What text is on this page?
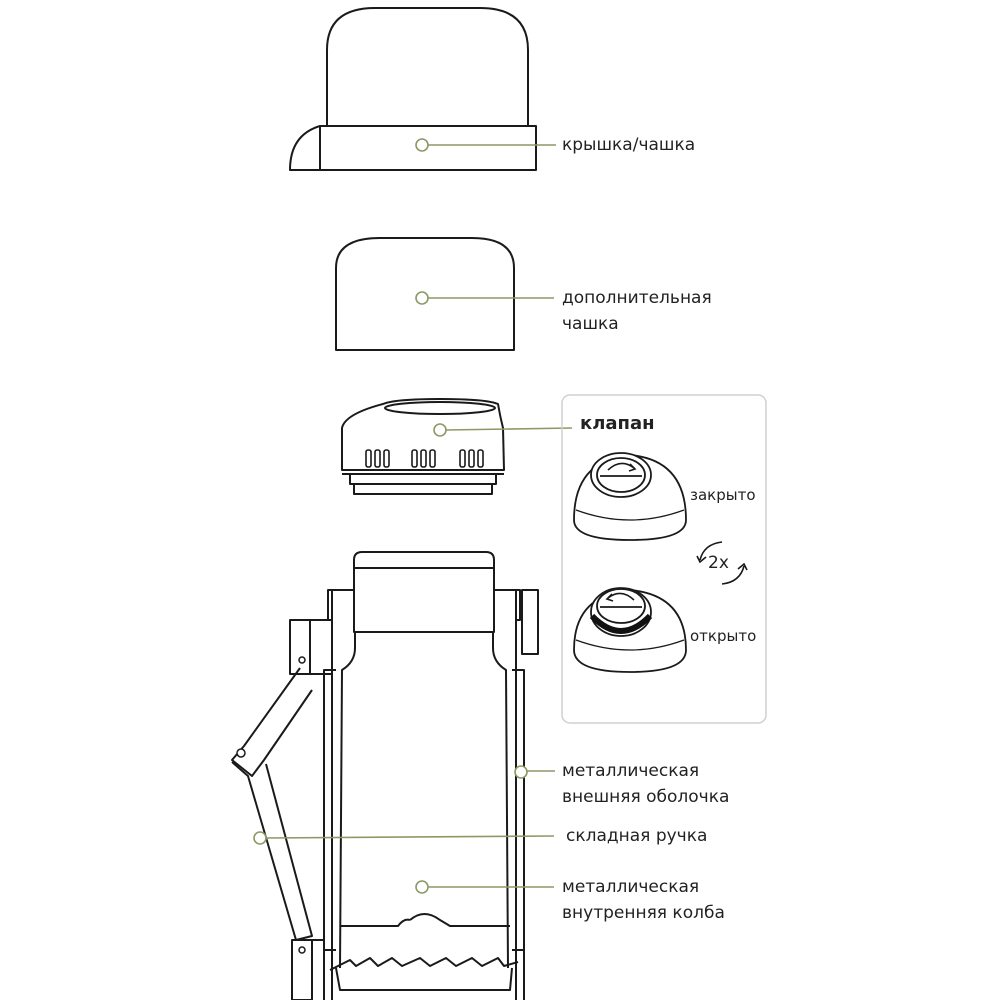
крышка/чашка
дополнительная
чашка
клапан
закрыто
2x
открыто
металлическая
внешняя оболочка
складная ручка
металлическая
внутренняя колба
